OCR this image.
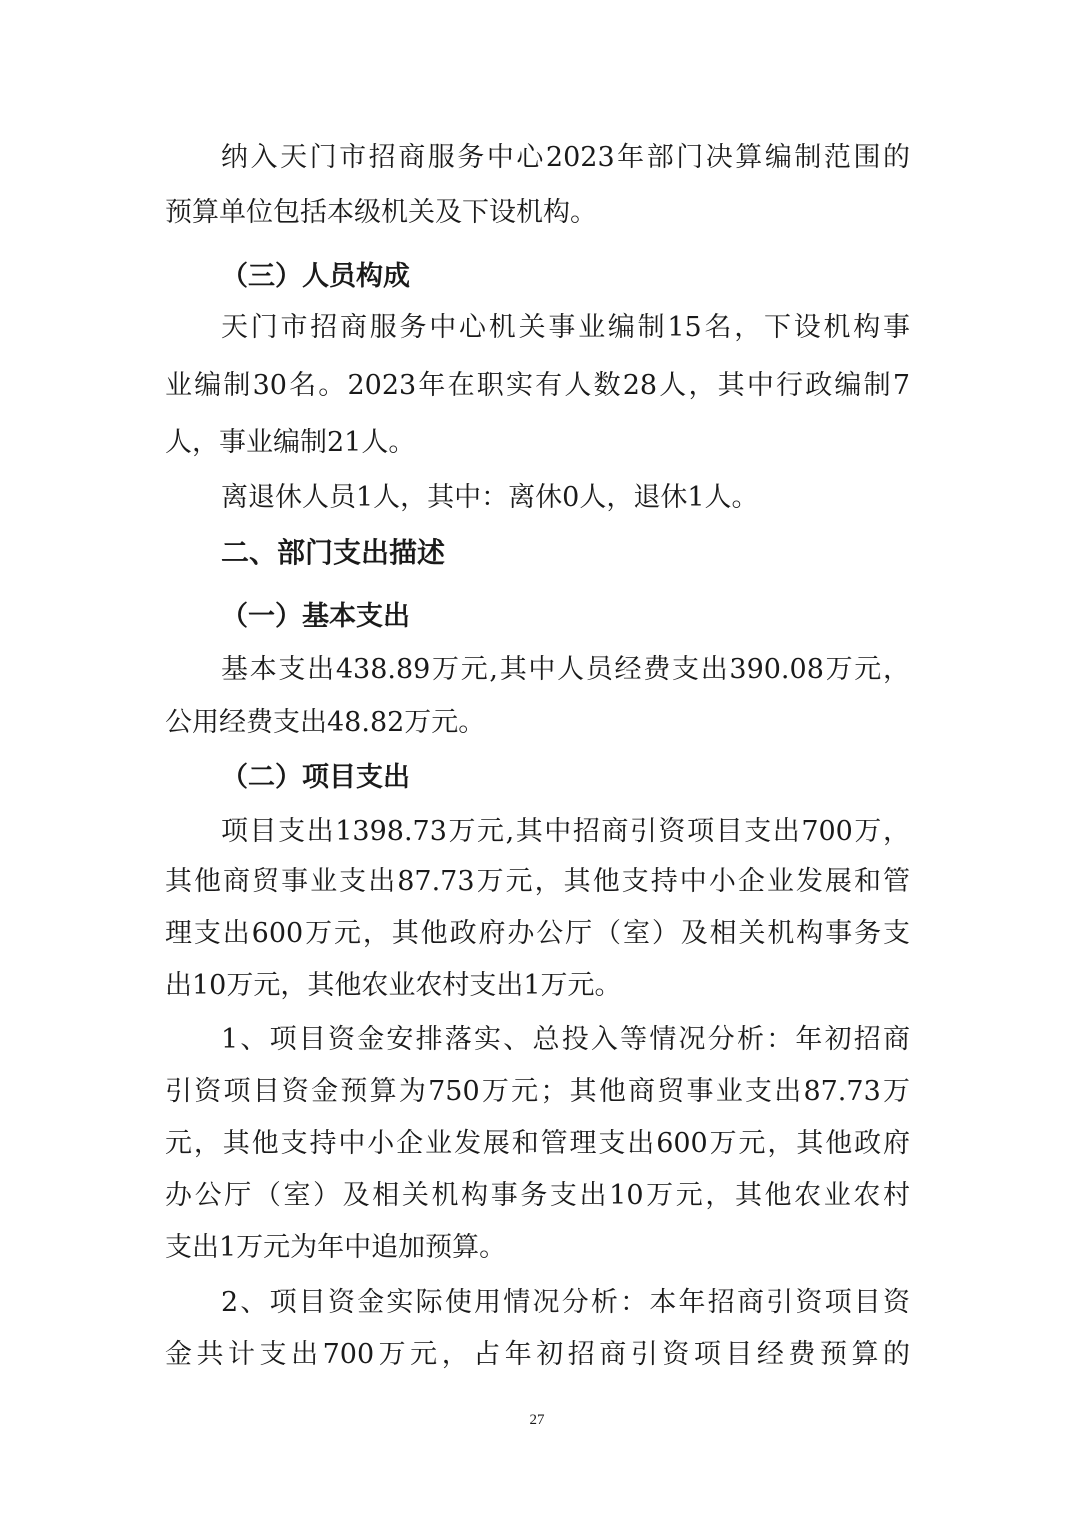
纳入天门市招商服务中心2023年部门决算编制范围的
预算单位包括本级机关及下设机构。
（三）人员构成
天门市招商服务中心机关事业编制15名，下设机构事
业编制30名。2023年在职实有人数28人，其中行政编制7
人，事业编制21人。
离退休人员1人，其中：离休0人，退休1人。
二、部门支出描述
（一）基本支出
基本支出438.89万元,其中人员经费支出390.08万元，
公用经费支出48.82万元。
（二）项目支出
项目支出1398.73万元,其中招商引资项目支出700万，
其他商贸事业支出87.73万元，其他支持中小企业发展和管
理支出600万元，其他政府办公厅（室）及相关机构事务支
出10万元，其他农业农村支出1万元。
1、项目资金安排落实、总投入等情况分析：年初招商
引资项目资金预算为750万元；其他商贸事业支出87.73万
元，其他支持中小企业发展和管理支出600万元，其他政府
办公厅（室）及相关机构事务支出10万元，其他农业农村
支出1万元为年中追加预算。
2、项目资金实际使用情况分析：本年招商引资项目资
金共计支出700万元，占年初招商引资项目经费预算的
27
